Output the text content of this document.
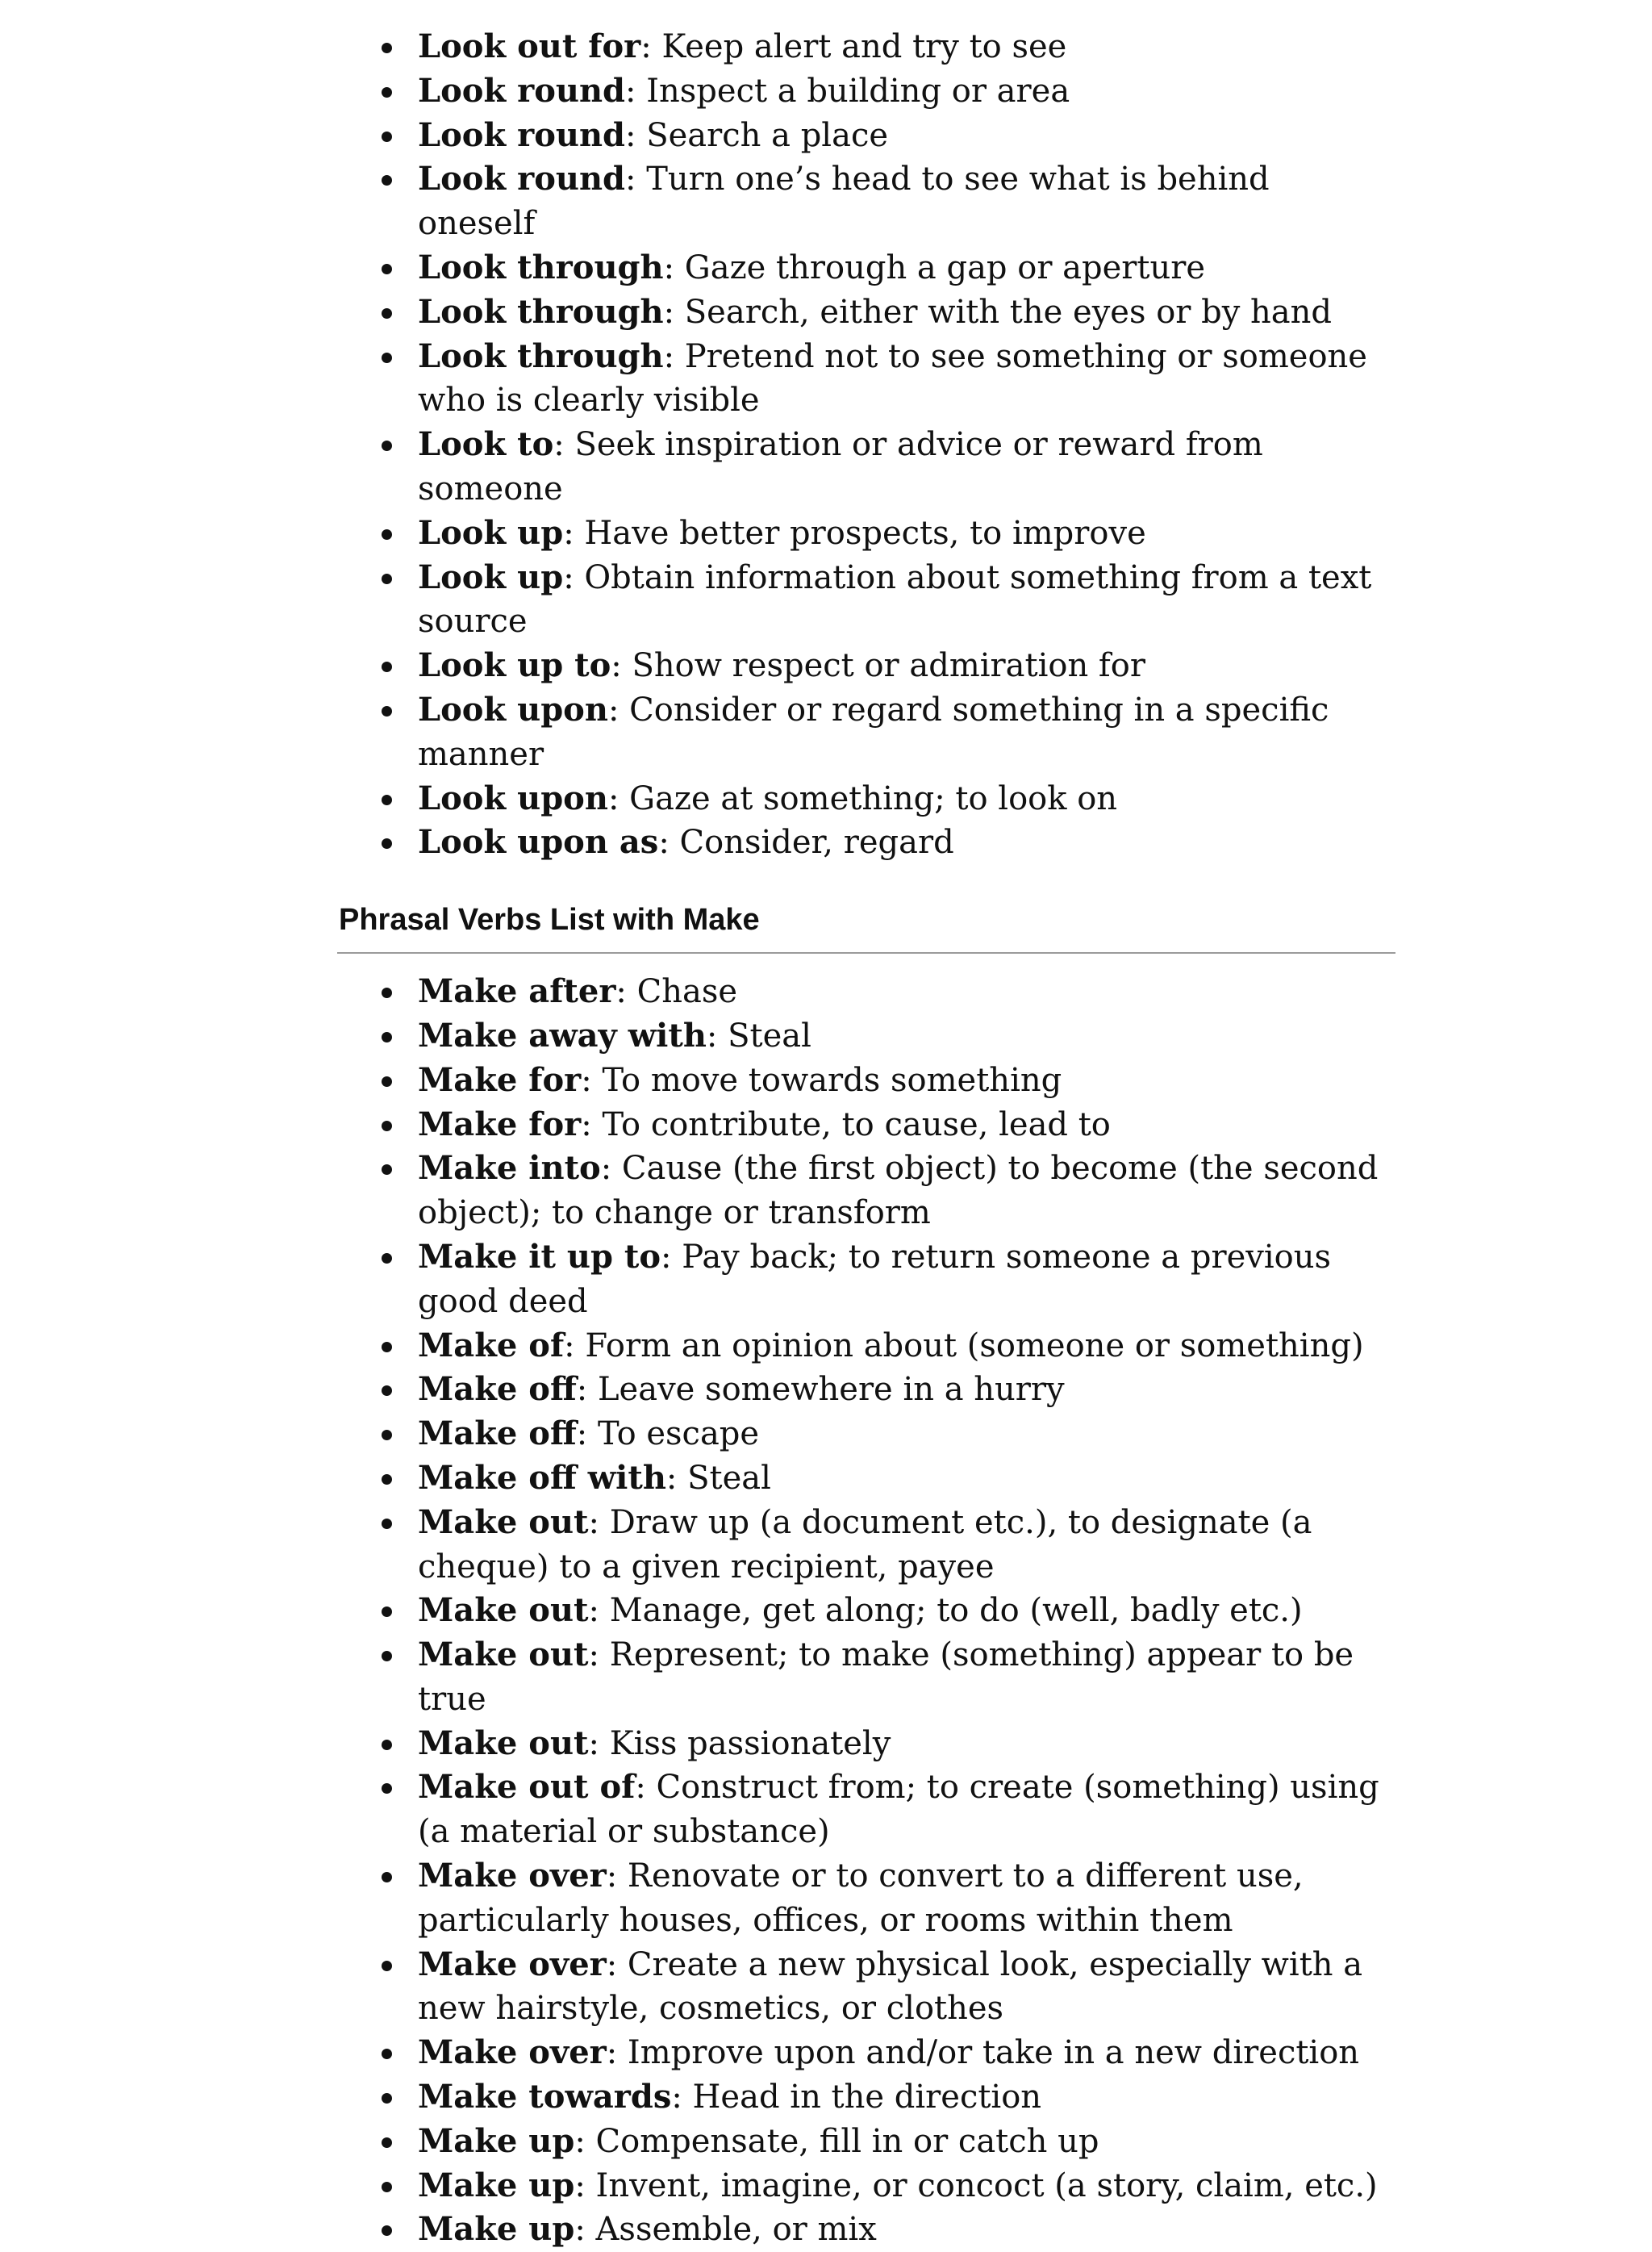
Look out for: Keep alert and try to see
Look round: Inspect a building or area
Look round: Search a place
Look round: Turn one’s head to see what is behind oneself
Look through: Gaze through a gap or aperture
Look through: Search, either with the eyes or by hand
Look through: Pretend not to see something or someone who is clearly visible
Look to: Seek inspiration or advice or reward from someone
Look up: Have better prospects, to improve
Look up: Obtain information about something from a text source
Look up to: Show respect or admiration for
Look upon: Consider or regard something in a specific manner
Look upon: Gaze at something; to look on
Look upon as: Consider, regard
Phrasal Verbs List with Make
Make after: Chase
Make away with: Steal
Make for: To move towards something
Make for: To contribute, to cause, lead to
Make into: Cause (the first object) to become (the second object); to change or transform
Make it up to: Pay back; to return someone a previous good deed
Make of: Form an opinion about (someone or something)
Make off: Leave somewhere in a hurry
Make off: To escape
Make off with: Steal
Make out: Draw up (a document etc.), to designate (a cheque) to a given recipient, payee
Make out: Manage, get along; to do (well, badly etc.)
Make out: Represent; to make (something) appear to be true
Make out: Kiss passionately
Make out of: Construct from; to create (something) using (a material or substance)
Make over: Renovate or to convert to a different use, particularly houses, offices, or rooms within them
Make over: Create a new physical look, especially with a new hairstyle, cosmetics, or clothes
Make over: Improve upon and/or take in a new direction
Make towards: Head in the direction
Make up: Compensate, fill in or catch up
Make up: Invent, imagine, or concoct (a story, claim, etc.)
Make up: Assemble, or mix
